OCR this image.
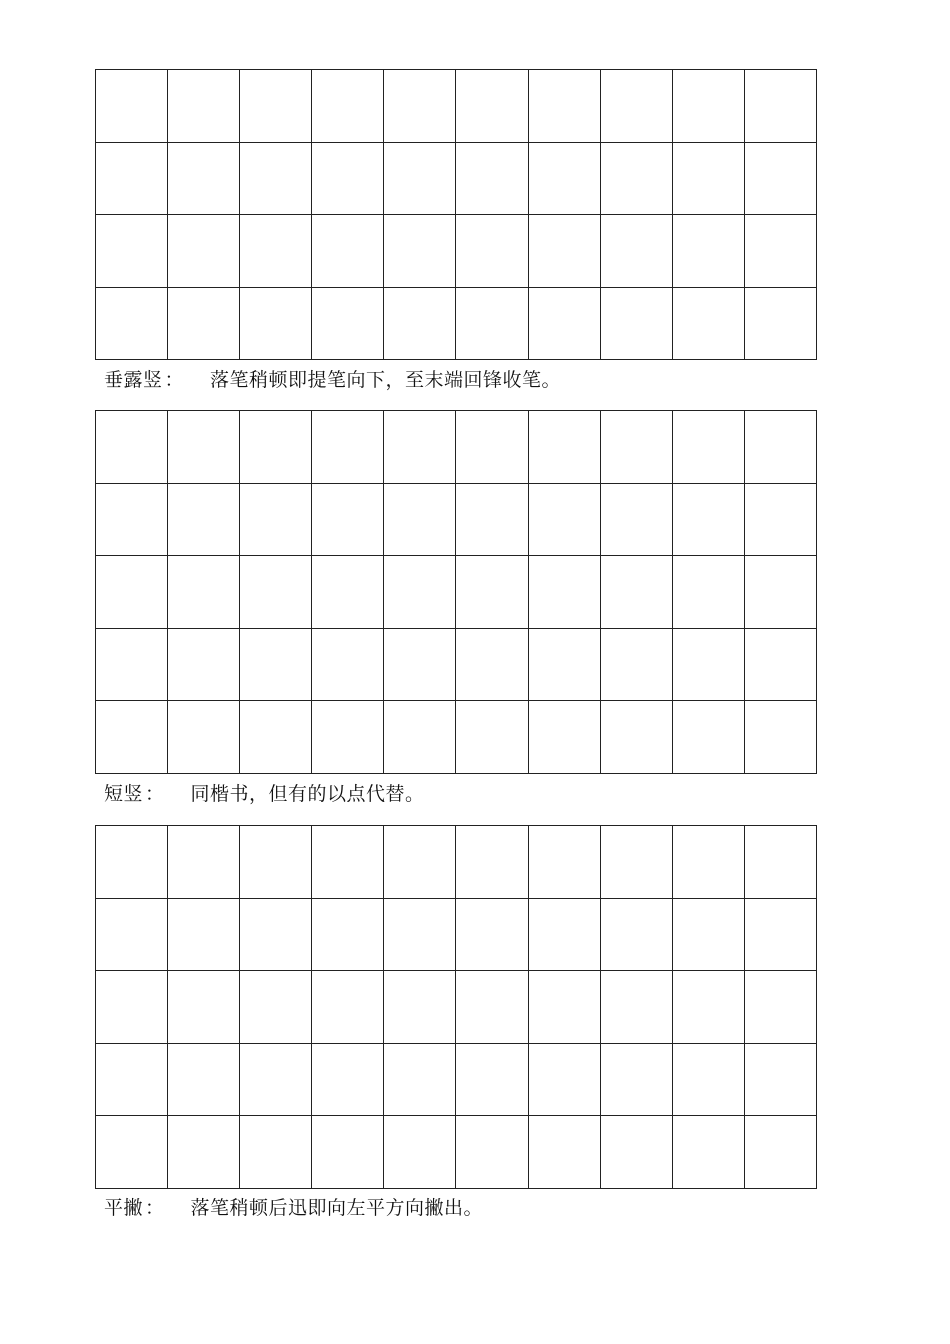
垂露竖 ： 落笔稍顿即提笔向下，至末端回锋收笔。
短竖 ： 同楷书，但有的以点代替。
平撇 ： 落笔稍顿后迅即向左平方向撇出。
